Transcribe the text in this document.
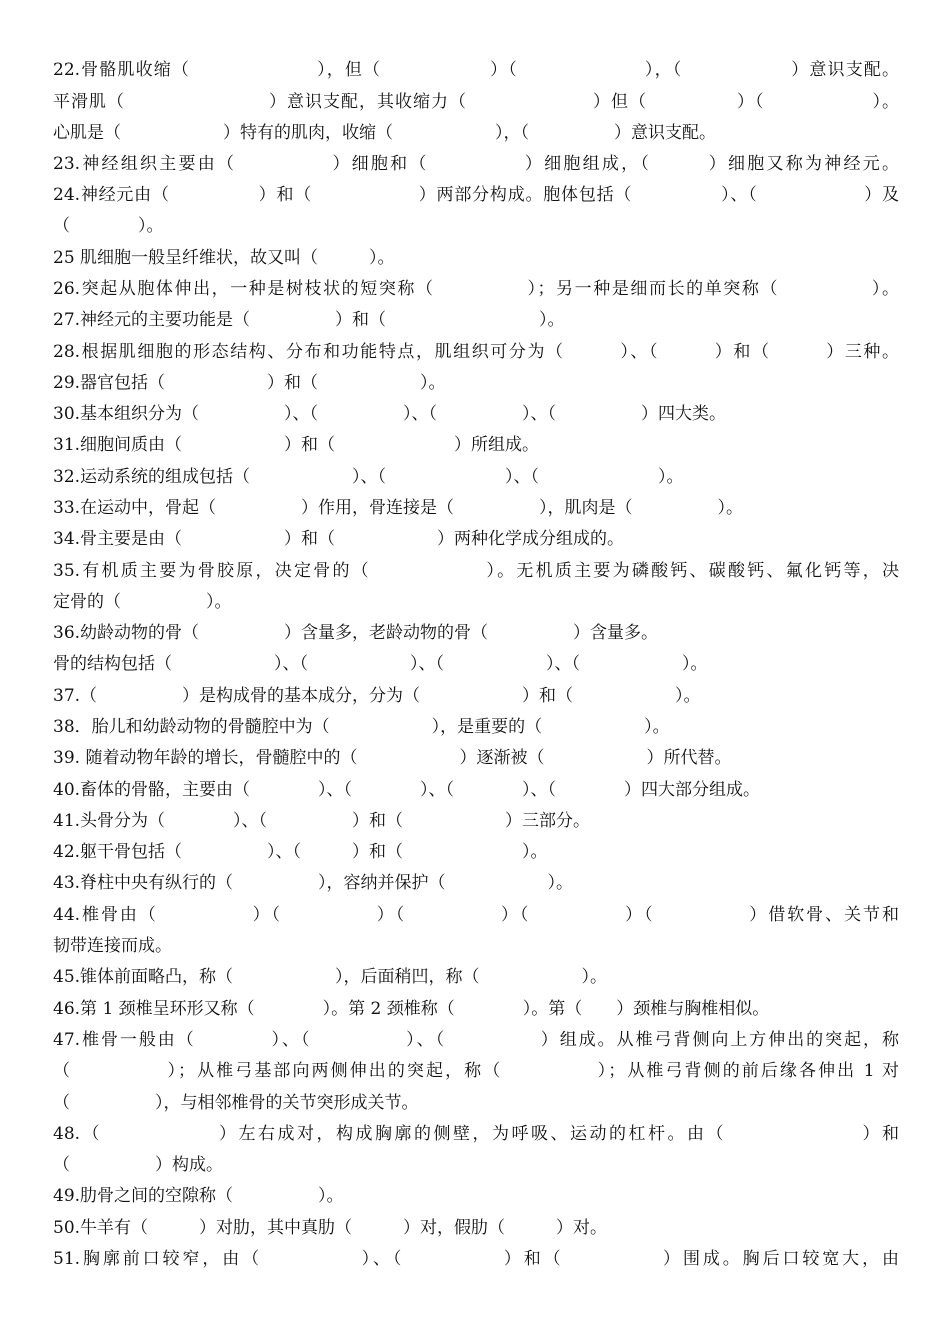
22.骨骼肌收缩（　　　　　　　），但（　　　　　　）（　　　　　　　），（　　　　　　）意识支配。
平滑肌（　　　　　　　　）意识支配，其收缩力（　　　　　　　）但（　　　　　）（　　　　　　）。
心肌是（　　　　　　）特有的肌肉，收缩（　　　　　　），（　　　　　）意识支配。
23.神经组织主要由（　　　　　）细胞和（　　　　　）细胞组成，（　　　）细胞又称为神经元。
24.神经元由（　　　　　）和（　　　　　　）两部分构成。胞体包括（　　　　　）、（　　　　　　）及
（　　　　）。
25 肌细胞一般呈纤维状，故又叫（　　　）。
26.突起从胞体伸出，一种是树枝状的短突称（　　　　　）；另一种是细而长的单突称（　　　　　）。
27.神经元的主要功能是（　　　　　）和（　　　　　　　　　）。
28.根据肌细胞的形态结构、分布和功能特点，肌组织可分为（　　　）、（　　　）和（　　　）三种。
29.器官包括（　　　　　　）和（　　　　　　）。
30.基本组织分为（　　　　　）、（　　　　　）、（　　　　　）、（　　　　　）四大类。
31.细胞间质由（　　　　　　）和（　　　　　　　）所组成。
32.运动系统的组成包括（　　　　　　）、（　　　　　　　）、（　　　　　　　）。
33.在运动中，骨起（　　　　　）作用，骨连接是（　　　　　），肌肉是（　　　　　）。
34.骨主要是由（　　　　　　）和（　　　　　　）两种化学成分组成的。
35.有机质主要为骨胶原，决定骨的（　　　　　　）。无机质主要为磷酸钙、碳酸钙、氟化钙等，决
定骨的（　　　　　）。
36.幼龄动物的骨（　　　　　）含量多，老龄动物的骨（　　　　　）含量多。
骨的结构包括（　　　　　　）、（　　　　　　）、（　　　　　　）、（　　　　　　）。
37.（　　　　　）是构成骨的基本成分，分为（　　　　　　）和（　　　　　　）。
38．胎儿和幼龄动物的骨髓腔中为（　　　　　　），是重要的（　　　　　　）。
39. 随着动物年龄的增长，骨髓腔中的（　　　　　　）逐渐被（　　　　　　）所代替。
40.畜体的骨骼，主要由（　　　　）、（　　　　）、（　　　　）、（　　　　）四大部分组成。
41.头骨分为（　　　　）、（　　　　　）和（　　　　　　）三部分。
42.躯干骨包括（　　　　　）、（　　　）和（　　　　　　　）。
43.脊柱中央有纵行的（　　　　　），容纳并保护（　　　　　　）。
44.椎骨由（　　　　　）（　　　　　）（　　　　　）（　　　　　）（　　　　　）借软骨、关节和
韧带连接而成。
45.锥体前面略凸，称（　　　　　　），后面稍凹，称（　　　　　　）。
46.第 1 颈椎呈环形又称（　　　　）。第 2 颈椎称（　　　　）。第（　　）颈椎与胸椎相似。
47.椎骨一般由（　　　　）、（　　　　　）、（　　　　　）组成。从椎弓背侧向上方伸出的突起，称
（　　　　　）；从椎弓基部向两侧伸出的突起，称（　　　　　）；从椎弓背侧的前后缘各伸出 1 对
（　　　　　），与相邻椎骨的关节突形成关节。
48.（　　　　　　）左右成对，构成胸廓的侧壁，为呼吸、运动的杠杆。由（　　　　　　　）和
（　　　　　）构成。
49.肋骨之间的空隙称（　　　　　）。
50.牛羊有（　　　）对肋，其中真肋（　　　）对，假肋（　　　）对。
51.胸廓前口较窄，由（　　　　　）、（　　　　　）和（　　　　　）围成。胸后口较宽大，由
